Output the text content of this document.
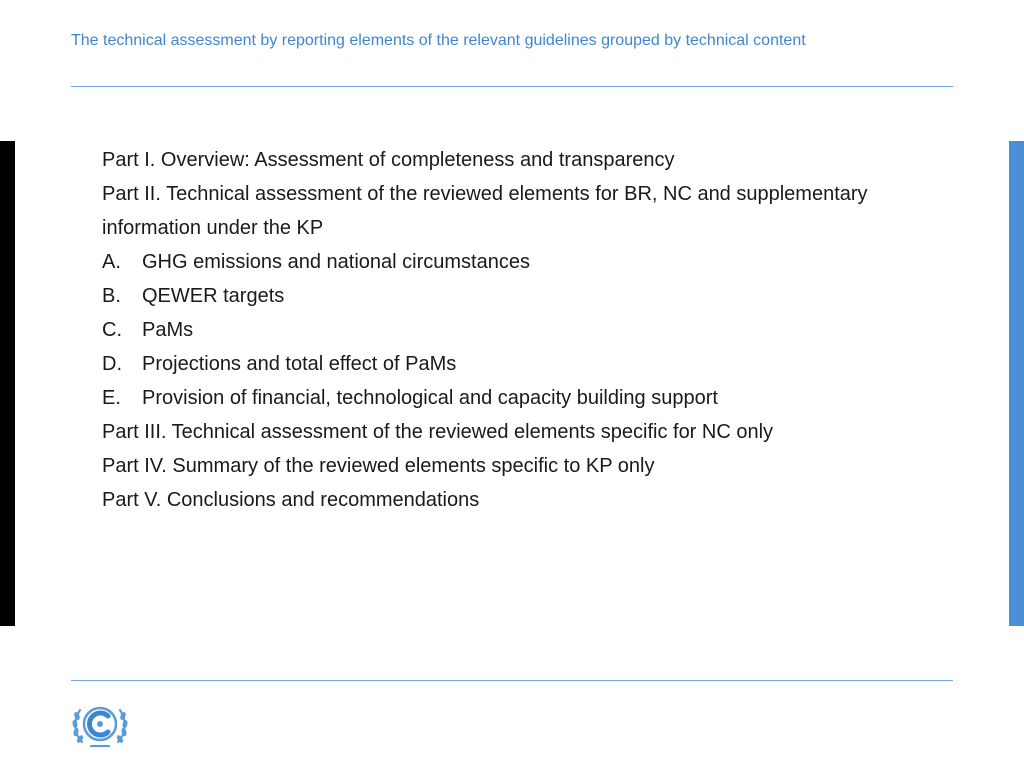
The technical assessment by reporting elements of the relevant guidelines grouped by technical content
Part I. Overview: Assessment of completeness and transparency
Part II. Technical assessment of the reviewed elements for BR, NC and supplementary
information under the KP
A.	GHG emissions and national circumstances
B.	QEWER targets
C.	PaMs
D.	Projections and total effect of PaMs
E.	Provision of financial, technological and capacity building support
Part III. Technical assessment of the reviewed elements specific for NC only
Part IV. Summary of the reviewed elements specific to KP only
Part V. Conclusions and recommendations
